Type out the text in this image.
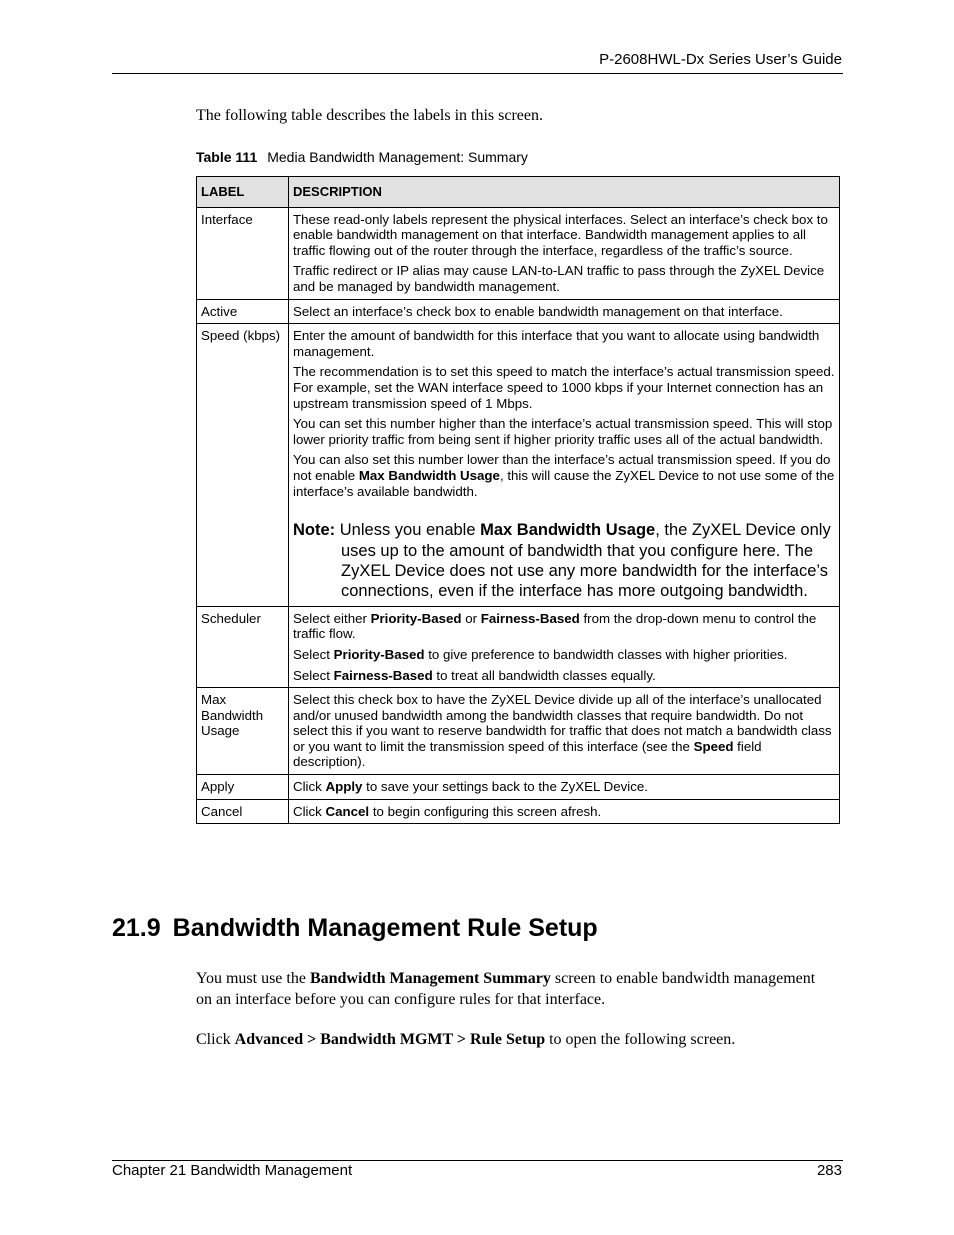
P-2608HWL-Dx Series User’s Guide
The following table describes the labels in this screen.
Table 111 Media Bandwidth Management: Summary
LABEL	DESCRIPTION
Interface	These read-only labels represent the physical interfaces. Select an interface’s check box to enable bandwidth management on that interface. Bandwidth management applies to all traffic flowing out of the router through the interface, regardless of the traffic’s source.

Traffic redirect or IP alias may cause LAN-to-LAN traffic to pass through the ZyXEL Device and be managed by bandwidth management.

Active	Select an interface’s check box to enable bandwidth management on that interface.

Speed (kbps)	Enter the amount of bandwidth for this interface that you want to allocate using bandwidth management.

The recommendation is to set this speed to match the interface’s actual transmission speed. For example, set the WAN interface speed to 1000 kbps if your Internet connection has an upstream transmission speed of 1 Mbps.

You can set this number higher than the interface’s actual transmission speed. This will stop lower priority traffic from being sent if higher priority traffic uses all of the actual bandwidth.

You can also set this number lower than the interface’s actual transmission speed. If you do not enable Max Bandwidth Usage, this will cause the ZyXEL Device to not use some of the interface’s available bandwidth.

Note: Unless you enable Max Bandwidth Usage, the ZyXEL Device only uses up to the amount of bandwidth that you configure here. The ZyXEL Device does not use any more bandwidth for the interface’s connections, even if the interface has more outgoing bandwidth.

Scheduler	Select either Priority-Based or Fairness-Based from the drop-down menu to control the traffic flow.

Select Priority-Based to give preference to bandwidth classes with higher priorities.

Select Fairness-Based to treat all bandwidth classes equally.

Max Bandwidth Usage	Select this check box to have the ZyXEL Device divide up all of the interface’s unallocated and/or unused bandwidth among the bandwidth classes that require bandwidth. Do not select this if you want to reserve bandwidth for traffic that does not match a bandwidth class or you want to limit the transmission speed of this interface (see the Speed field description).

Apply	Click Apply to save your settings back to the ZyXEL Device.

Cancel	Click Cancel to begin configuring this screen afresh.

21.9 Bandwidth Management Rule Setup
You must use the Bandwidth Management Summary screen to enable bandwidth management on an interface before you can configure rules for that interface.
Click Advanced > Bandwidth MGMT > Rule Setup to open the following screen.
Chapter 21 Bandwidth Management	283
